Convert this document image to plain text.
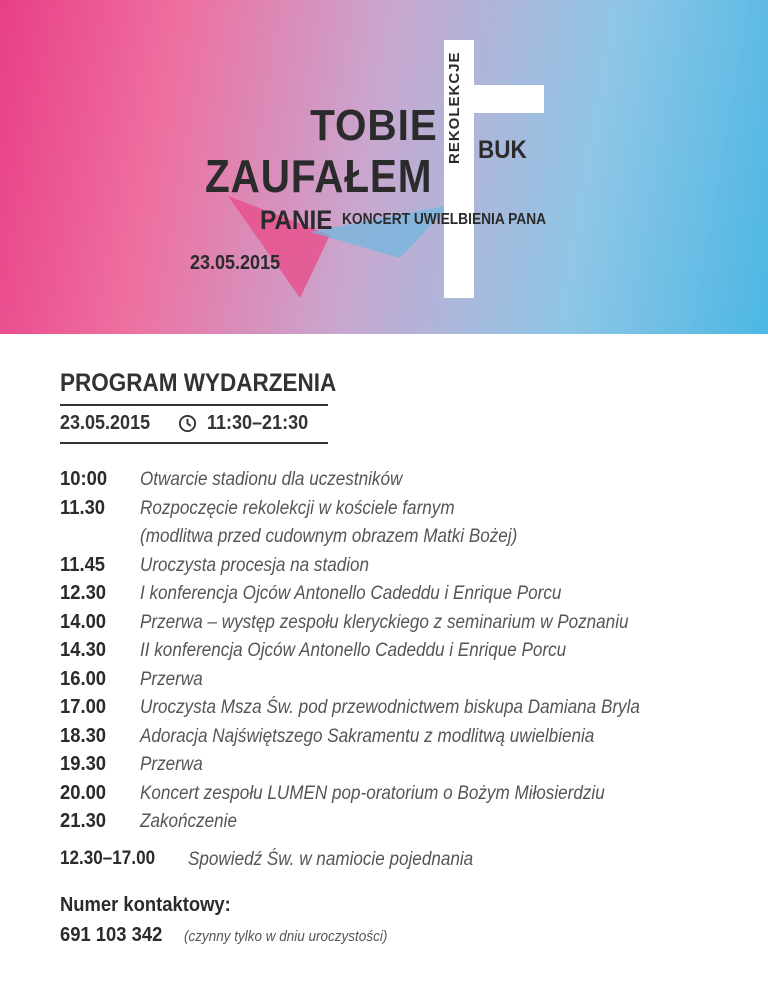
TOBIE
ZAUFAŁEM
PANIE KONCERT UWIELBIENIA PANA
23.05.2015
REKOLEKCJE BUK
PROGRAM WYDARZENIA
23.05.2015	11:30–21:30
10:00 Otwarcie stadionu dla uczestników
11.30 Rozpoczęcie rekolekcji w kościele farnym
(modlitwa przed cudownym obrazem Matki Bożej)
11.45 Uroczysta procesja na stadion
12.30 I konferencja Ojców Antonello Cadeddu i Enrique Porcu
14.00 Przerwa – występ zespołu kleryckiego z seminarium w Poznaniu
14.30 II konferencja Ojców Antonello Cadeddu i Enrique Porcu
16.00 Przerwa
17.00 Uroczysta Msza Św. pod przewodnictwem biskupa Damiana Bryla
18.30 Adoracja Najświętszego Sakramentu z modlitwą uwielbienia
19.30 Przerwa
20.00 Koncert zespołu LUMEN pop-oratorium o Bożym Miłosierdziu
21.30 Zakończenie
12.30–17.00 Spowiedź Św. w namiocie pojednania
Numer kontaktowy:
691 103 342 (czynny tylko w dniu uroczystości)
